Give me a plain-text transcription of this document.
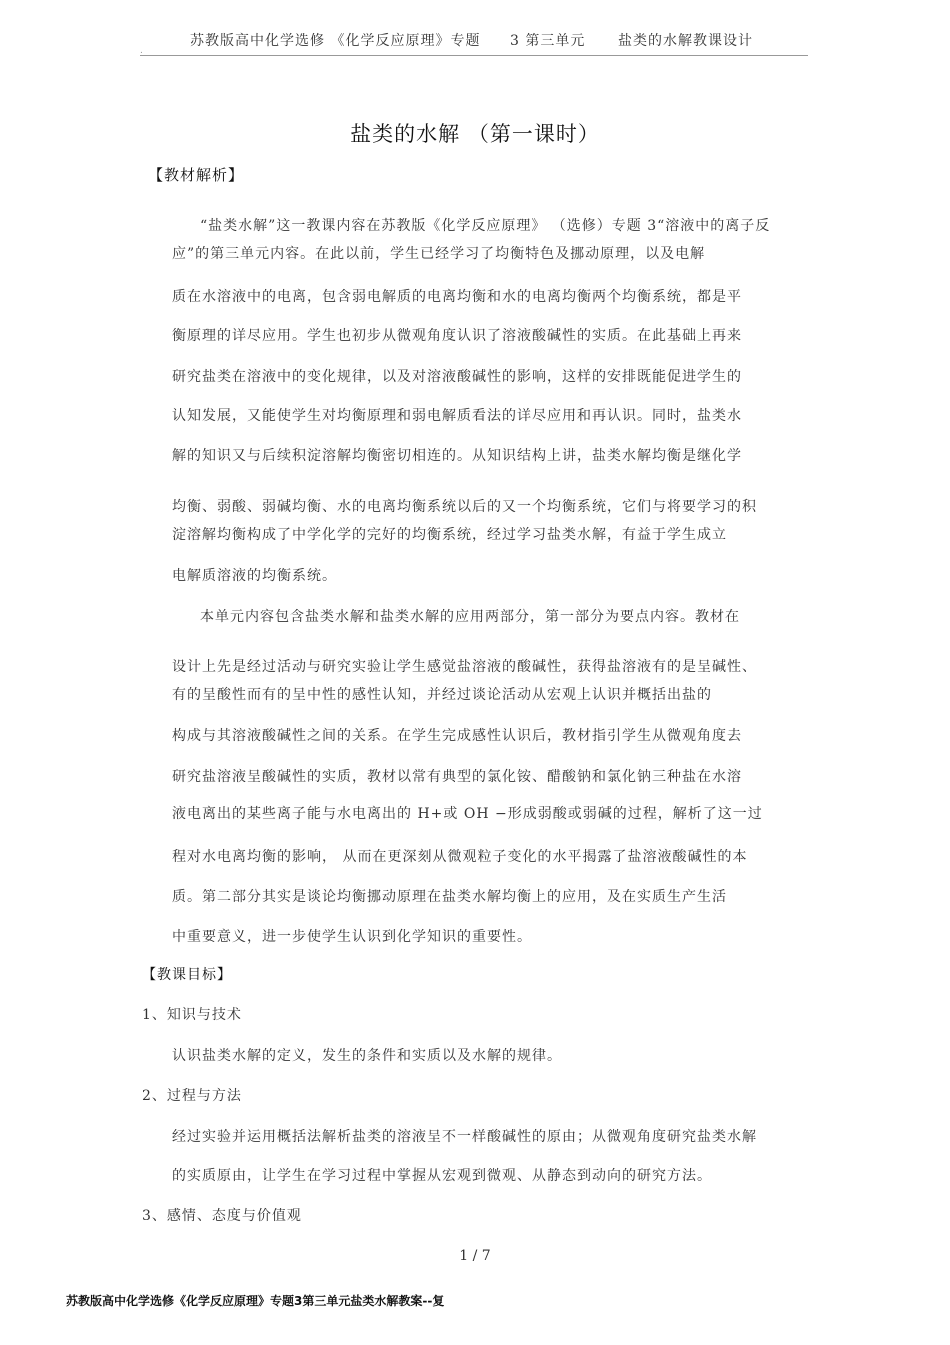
苏教版高中化学选修 《化学反应原理》专题 3 第三单元 盐类的水解教课设计
.
盐类的水解 （第一课时）
【教材解析】
“盐类水解”这一教课内容在苏教版《化学反应原理》 （选修）专题 3“溶液中的离子反
应”的第三单元内容。在此以前，学生已经学习了均衡特色及挪动原理，以及电解
质在水溶液中的电离，包含弱电解质的电离均衡和水的电离均衡两个均衡系统，都是平
衡原理的详尽应用。学生也初步从微观角度认识了溶液酸碱性的实质。在此基础上再来
研究盐类在溶液中的变化规律，以及对溶液酸碱性的影响，这样的安排既能促进学生的
认知发展，又能使学生对均衡原理和弱电解质看法的详尽应用和再认识。同时，盐类水
解的知识又与后续积淀溶解均衡密切相连的。从知识结构上讲，盐类水解均衡是继化学
均衡、弱酸、弱碱均衡、水的电离均衡系统以后的又一个均衡系统，它们与将要学习的积
淀溶解均衡构成了中学化学的完好的均衡系统，经过学习盐类水解，有益于学生成立
电解质溶液的均衡系统。
本单元内容包含盐类水解和盐类水解的应用两部分，第一部分为要点内容。教材在
设计上先是经过活动与研究实验让学生感觉盐溶液的酸碱性，获得盐溶液有的是呈碱性、
有的呈酸性而有的呈中性的感性认知，并经过谈论活动从宏观上认识并概括出盐的
构成与其溶液酸碱性之间的关系。在学生完成感性认识后，教材指引学生从微观角度去
研究盐溶液呈酸碱性的实质，教材以常有典型的氯化铵、醋酸钠和氯化钠三种盐在水溶
液电离出的某些离子能与水电离出的 H+或 OH −形成弱酸或弱碱的过程，解析了这一过
程对水电离均衡的影响， 从而在更深刻从微观粒子变化的水平揭露了盐溶液酸碱性的本
质。第二部分其实是谈论均衡挪动原理在盐类水解均衡上的应用，及在实质生产生活
中重要意义，进一步使学生认识到化学知识的重要性。
【教课目标】
1、知识与技术
认识盐类水解的定义，发生的条件和实质以及水解的规律。
2、过程与方法
经过实验并运用概括法解析盐类的溶液呈不一样酸碱性的原由；从微观角度研究盐类水解
的实质原由，让学生在学习过程中掌握从宏观到微观、从静态到动向的研究方法。
3、感情、态度与价值观
1 / 7
苏教版高中化学选修《化学反应原理》专题3第三单元盐类水解教案--复
